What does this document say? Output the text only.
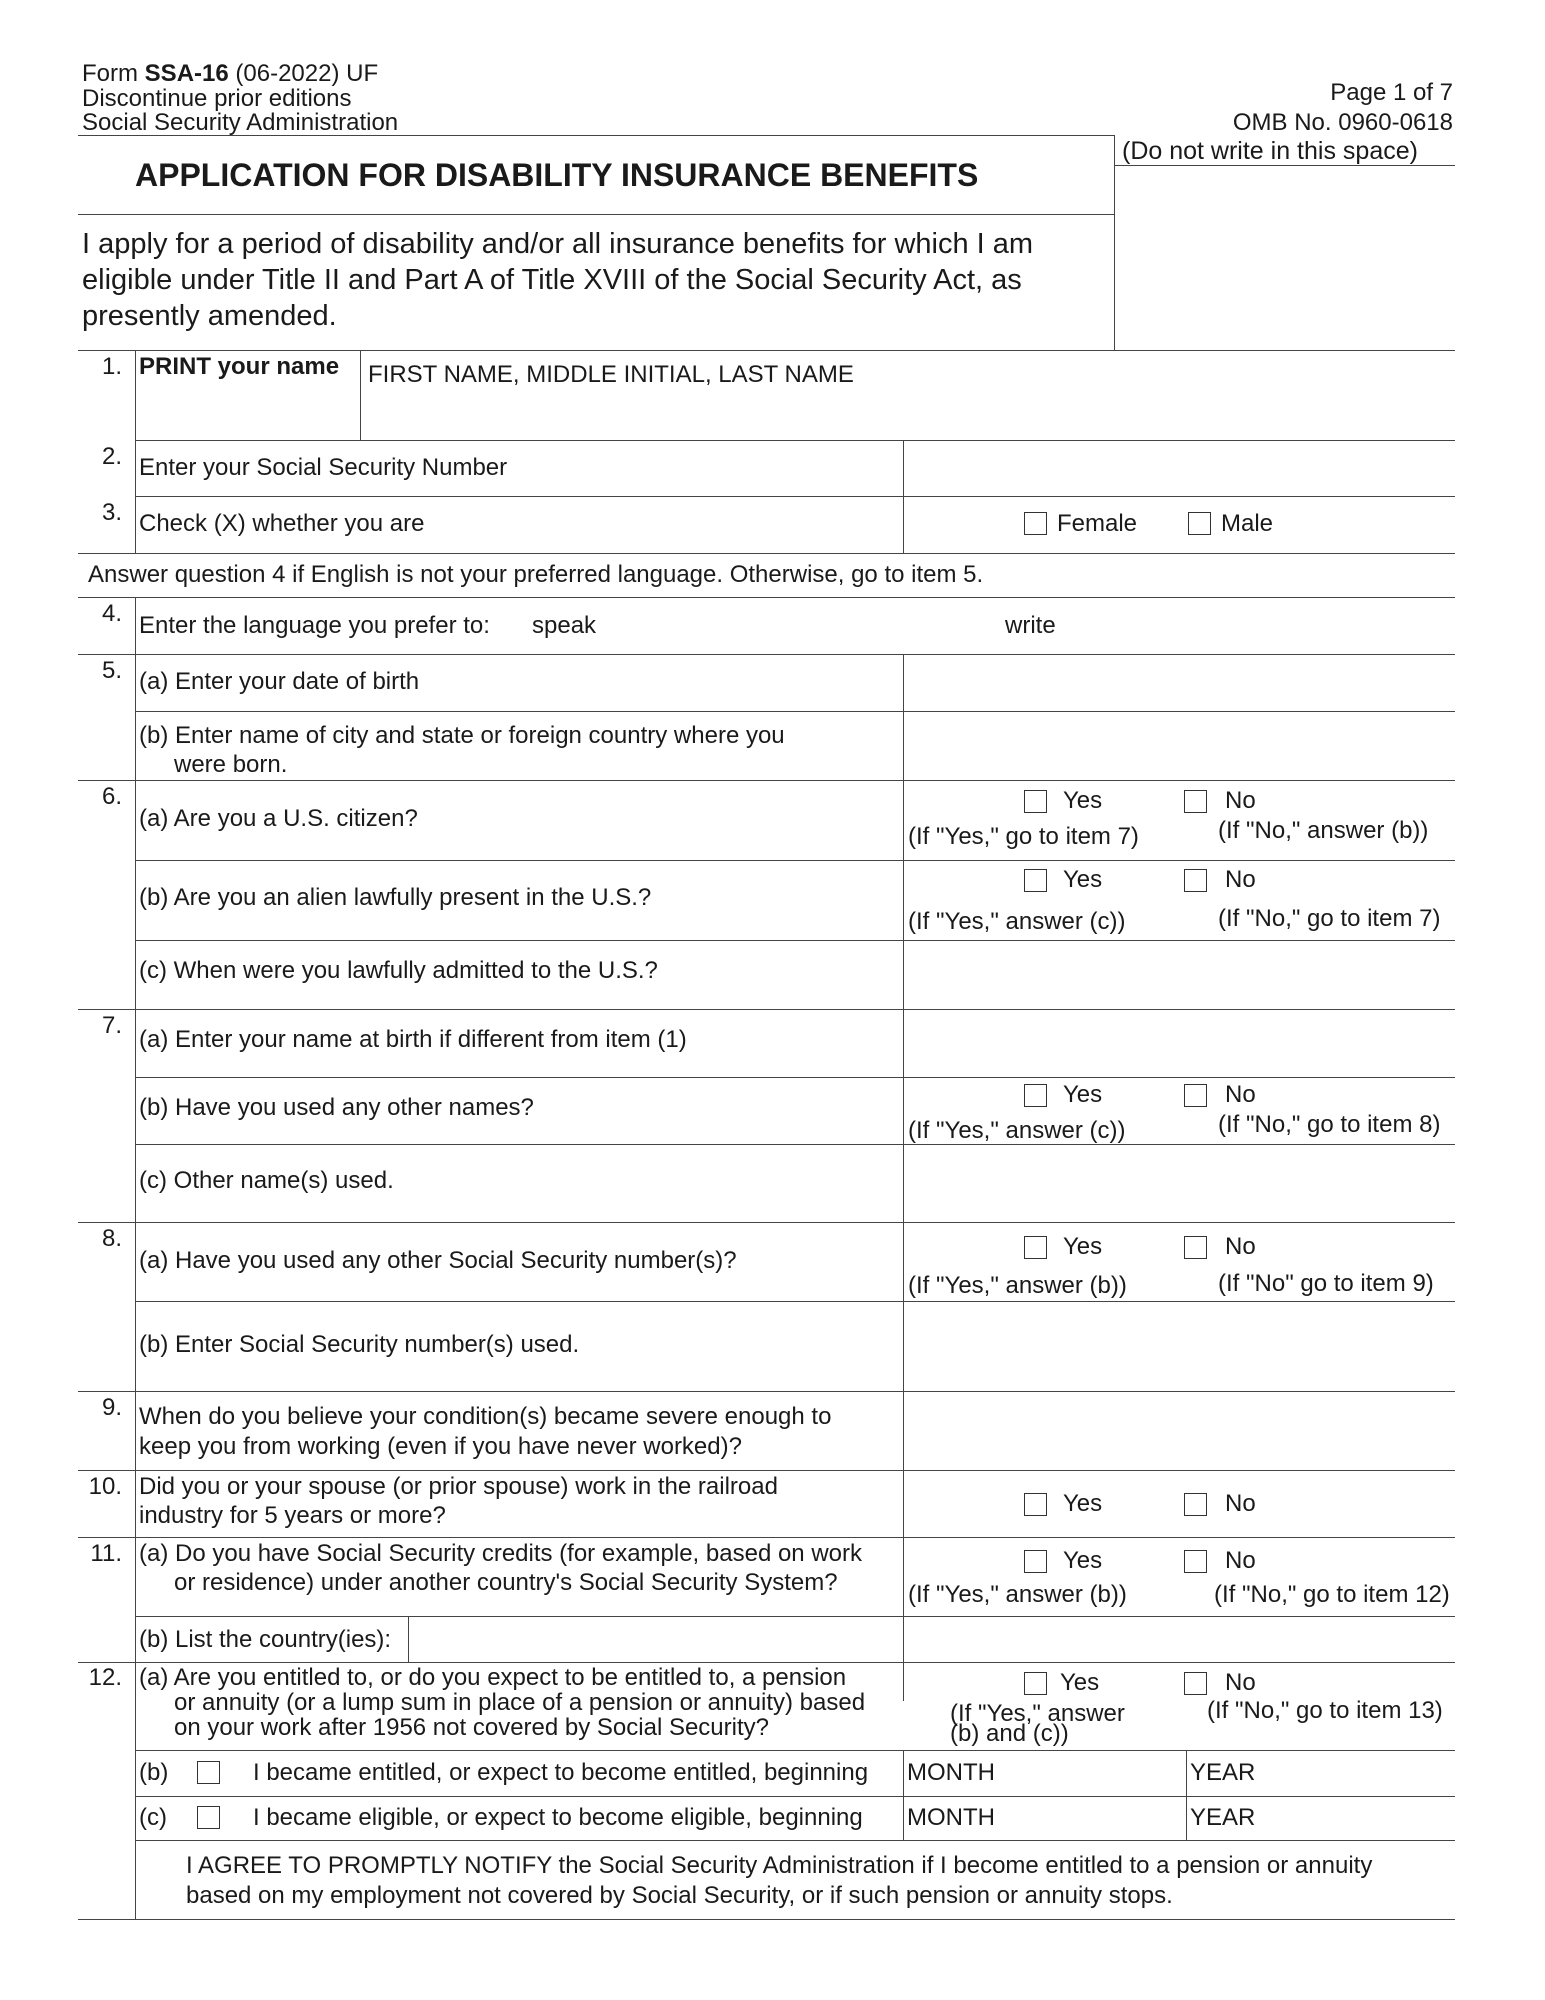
Form SSA-16 (06-2022) UF
Discontinue prior editions
Social Security Administration
Page 1 of 7
OMB No. 0960-0618
(Do not write in this space)
APPLICATION FOR DISABILITY INSURANCE BENEFITS
I apply for a period of disability and/or all insurance benefits for which I am
eligible under Title II and Part A of Title XVIII of the Social Security Act, as
presently amended.
1. PRINT your name FIRST NAME, MIDDLE INITIAL, LAST NAME
2. Enter your Social Security Number
3. Check (X) whether you are	Female	Male
Answer question 4 if English is not your preferred language. Otherwise, go to item 5.
4. Enter the language you prefer to: speak	write
5. (a) Enter your date of birth
(b) Enter name of city and state or foreign country where you
were born.
6.
(a) Are you a U.S. citizen?
Yes	No
(If "Yes," go to item 7)	(If "No," answer (b))
(b) Are you an alien lawfully present in the U.S.?
Yes	No
(If "Yes," answer (c))	(If "No," go to item 7)
(c) When were you lawfully admitted to the U.S.?
7.
(a) Enter your name at birth if different from item (1)
(b) Have you used any other names?	Yes	No
(If "Yes," answer (c))	(If "No," go to item 8)
(c) Other name(s) used.
8.
(a) Have you used any other Social Security number(s)?
Yes	No
(If "Yes," answer (b))	(If "No" go to item 9)
(b) Enter Social Security number(s) used.
9. When do you believe your condition(s) became severe enough to
keep you from working (even if you have never worked)?
10. Did you or your spouse (or prior spouse) work in the railroad
industry for 5 years or more?	Yes	No
11. (a) Do you have Social Security credits (for example, based on work
or residence) under another country's Social Security System?
Yes	No
(If "Yes," answer (b))	(If "No," go to item 12)
(b) List the country(ies):
12. (a) Are you entitled to, or do you expect to be entitled to, a pension
or annuity (or a lump sum in place of a pension or annuity) based
on your work after 1956 not covered by Social Security?
Yes	No
(If "Yes," answer
(b) and (c))
(If "No," go to item 13)
(b)	I became entitled, or expect to become entitled, beginning MONTH	YEAR
(c)	I became eligible, or expect to become eligible, beginning MONTH	YEAR
I AGREE TO PROMPTLY NOTIFY the Social Security Administration if I become entitled to a pension or annuity
based on my employment not covered by Social Security, or if such pension or annuity stops.
